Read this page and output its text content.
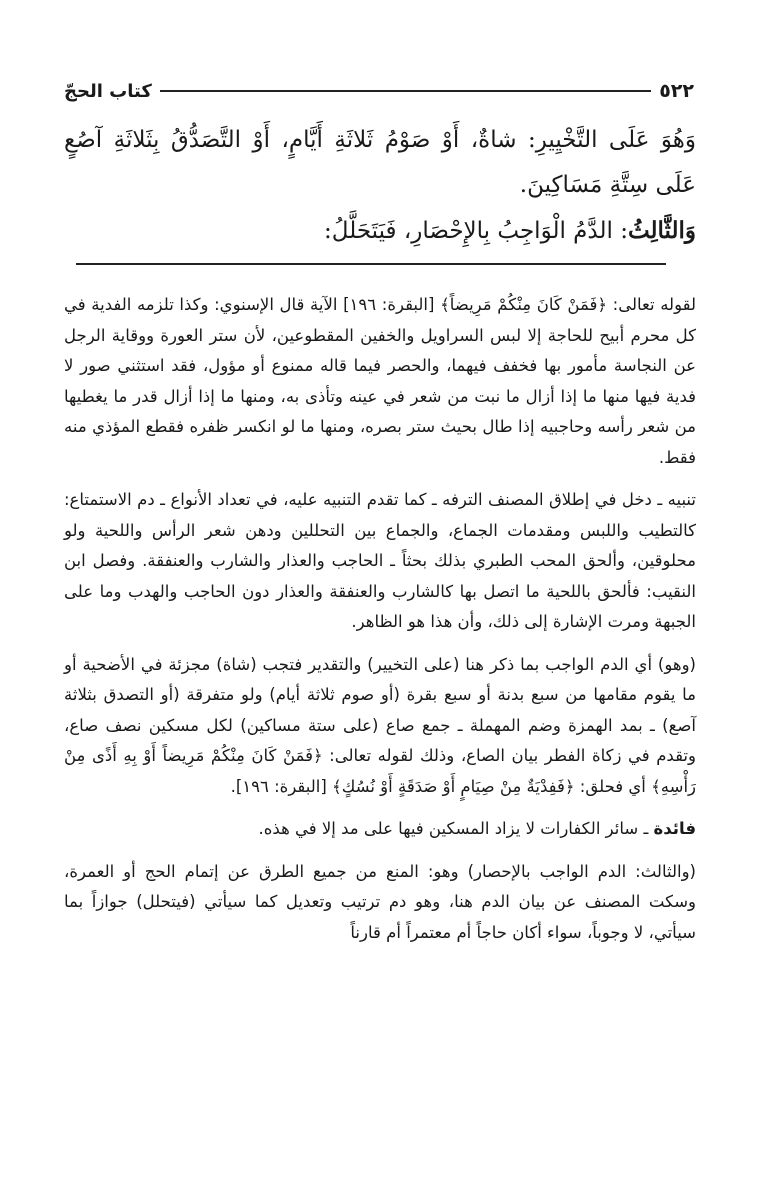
٥٢٢
كتاب الحجّ

وَهُوَ عَلَى التَّخْيِيرِ: شاةٌ، أَوْ صَوْمُ ثَلاثَةِ أَيَّامٍ، أَوْ التَّصَدُّقُ بِثَلاثَةِ آصُعٍ عَلَى سِتَّةِ مَسَاكِينَ.

وَالثَّالِثُ: الدَّمُ الْوَاجِبُ بِالإِحْصَارِ، فَيَتَحَلَّلُ:

لقوله تعالى: ﴿فَمَنْ كَانَ مِنْكُمْ مَرِيضاً﴾ [البقرة: ١٩٦] الآية قال الإسنوي: وكذا تلزمه الفدية في كل محرم أبيح للحاجة إلا لبس السراويل والخفين المقطوعين، لأن ستر العورة ووقاية الرجل عن النجاسة مأمور بها فخفف فيهما، والحصر فيما قاله ممنوع أو مؤول، فقد استثني صور لا فدية فيها منها ما إذا أزال ما نبت من شعر في عينه وتأذى به، ومنها ما إذا أزال قدر ما يغطيها من شعر رأسه وحاجبيه إذا طال بحيث ستر بصره، ومنها ما لو انكسر ظفره فقطع المؤذي منه فقط.

تنبيه ـ دخل في إطلاق المصنف الترفه ـ كما تقدم التنبيه عليه، في تعداد الأنواع ـ دم الاستمتاع: كالتطيب واللبس ومقدمات الجماع، والجماع بين التحللين ودهن شعر الرأس واللحية ولو محلوقين، وألحق المحب الطبري بذلك بحثاً ـ الحاجب والعذار والشارب والعنفقة. وفصل ابن النقيب: فألحق باللحية ما اتصل بها كالشارب والعنفقة والعذار دون الحاجب والهدب وما على الجبهة ومرت الإشارة إلى ذلك، وأن هذا هو الظاهر.

(وهو) أي الدم الواجب بما ذكر هنا (على التخيير) والتقدير فتجب (شاة) مجزئة في الأضحية أو ما يقوم مقامها من سبع بدنة أو سبع بقرة (أو صوم ثلاثة أيام) ولو متفرقة (أو التصدق بثلاثة آصع) ـ بمد الهمزة وضم المهملة ـ جمع صاع (على ستة مساكين) لكل مسكين نصف صاع، وتقدم في زكاة الفطر بيان الصاع، وذلك لقوله تعالى: ﴿فَمَنْ كَانَ مِنْكُمْ مَرِيضاً أَوْ بِهِ أَذًى مِنْ رَأْسِهِ﴾ أي فحلق: ﴿فَفِدْيَةٌ مِنْ صِيَامٍ أَوْ صَدَقَةٍ أَوْ نُسُكٍ﴾ [البقرة: ١٩٦].

فائدة ـ سائر الكفارات لا يزاد المسكين فيها على مد إلا في هذه.

(والثالث: الدم الواجب بالإحصار) وهو: المنع من جميع الطرق عن إتمام الحج أو العمرة، وسكت المصنف عن بيان الدم هنا، وهو دم ترتيب وتعديل كما سيأتي (فيتحلل) جوازاً بما سيأتي، لا وجوباً، سواء أكان حاجاً أم معتمراً أم قارناً
